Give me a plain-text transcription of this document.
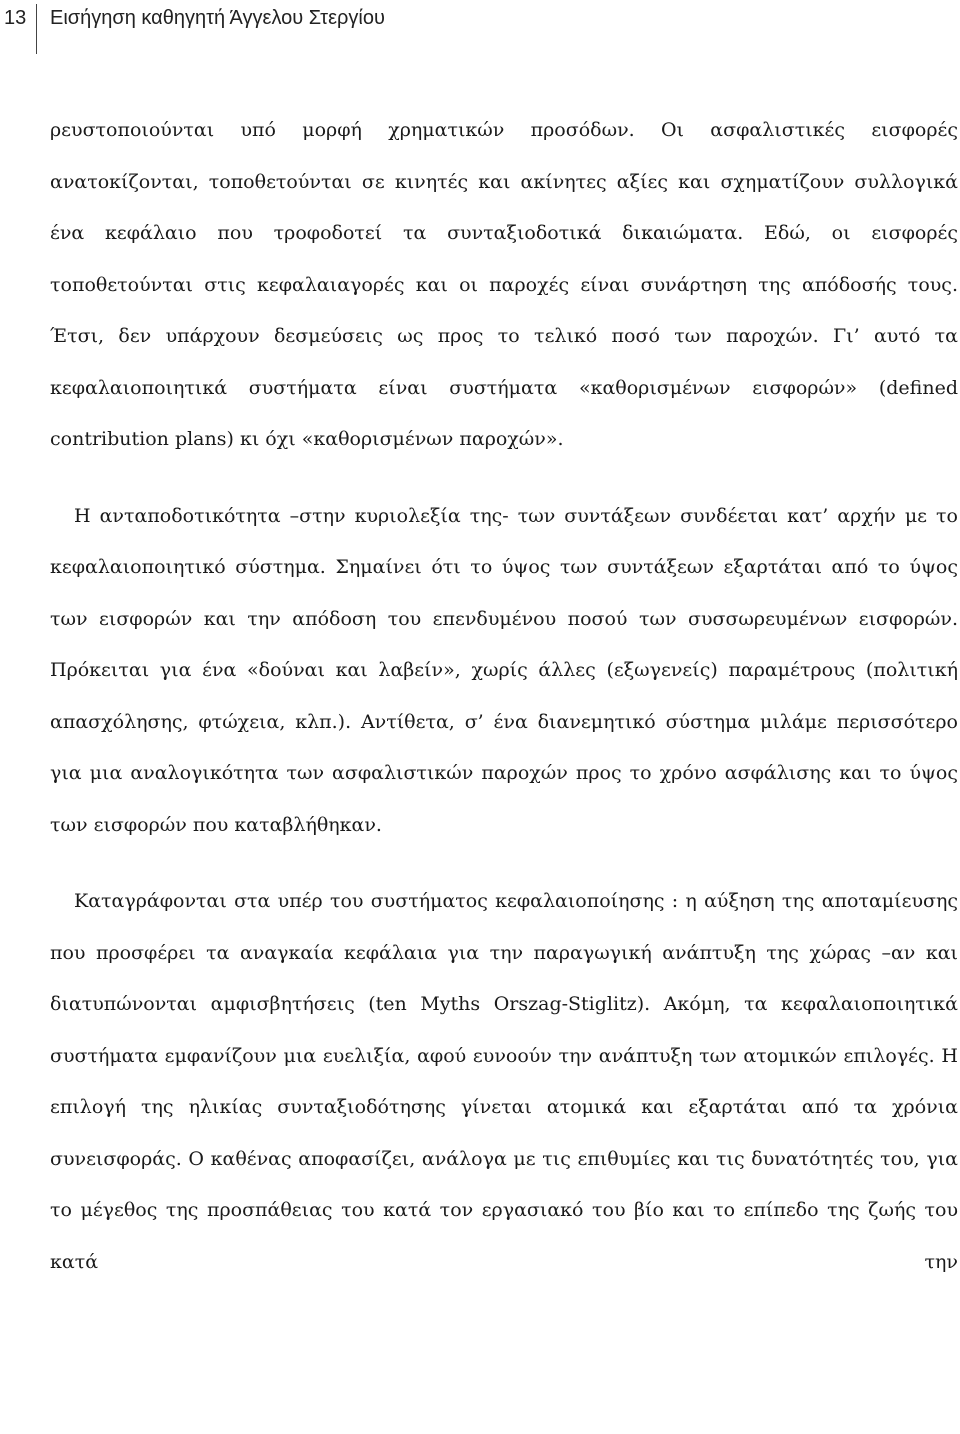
13 Εισήγηση καθηγητή Άγγελου Στεργίου

ρευστοποιούνται υπό μορφή χρηματικών προσόδων. Οι ασφαλιστικές εισφορές ανατοκίζονται, τοποθετούνται σε κινητές και ακίνητες αξίες και σχηματίζουν συλλογικά ένα κεφάλαιο που τροφοδοτεί τα συνταξιοδοτικά δικαιώματα. Εδώ, οι εισφορές τοποθετούνται στις κεφαλαιαγορές και οι παροχές είναι συνάρτηση της απόδοσής τους. Έτσι, δεν υπάρχουν δεσμεύσεις ως προς το τελικό ποσό των παροχών. Γι’ αυτό τα κεφαλαιοποιητικά συστήματα είναι συστήματα «καθορισμένων εισφορών» (defined contribution plans) κι όχι «καθορισμένων παροχών».

Η ανταποδοτικότητα –στην κυριολεξία της- των συντάξεων συνδέεται κατ’ αρχήν με το κεφαλαιοποιητικό σύστημα. Σημαίνει ότι το ύψος των συντάξεων εξαρτάται από το ύψος των εισφορών και την απόδοση του επενδυμένου ποσού των συσσωρευμένων εισφορών. Πρόκειται για ένα «δούναι και λαβείν», χωρίς άλλες (εξωγενείς) παραμέτρους (πολιτική απασχόλησης, φτώχεια, κλπ.). Αντίθετα, σ’ ένα διανεμητικό σύστημα μιλάμε περισσότερο για μια αναλογικότητα των ασφαλιστικών παροχών προς το χρόνο ασφάλισης και το ύψος των εισφορών που καταβλήθηκαν.

Καταγράφονται στα υπέρ του συστήματος κεφαλαιοποίησης : η αύξηση της αποταμίευσης που προσφέρει τα αναγκαία κεφάλαια για την παραγωγική ανάπτυξη της χώρας –αν και διατυπώνονται αμφισβητήσεις (ten Myths Orszag-Stiglitz). Ακόμη, τα κεφαλαιοποιητικά συστήματα εμφανίζουν μια ευελιξία, αφού ευνοούν την ανάπτυξη των ατομικών επιλογές. Η επιλογή της ηλικίας συνταξιοδότησης γίνεται ατομικά και εξαρτάται από τα χρόνια συνεισφοράς. Ο καθένας αποφασίζει, ανάλογα με τις επιθυμίες και τις δυνατότητές του, για το μέγεθος της προσπάθειας του κατά τον εργασιακό του βίο και το επίπεδο της ζωής του κατά την
